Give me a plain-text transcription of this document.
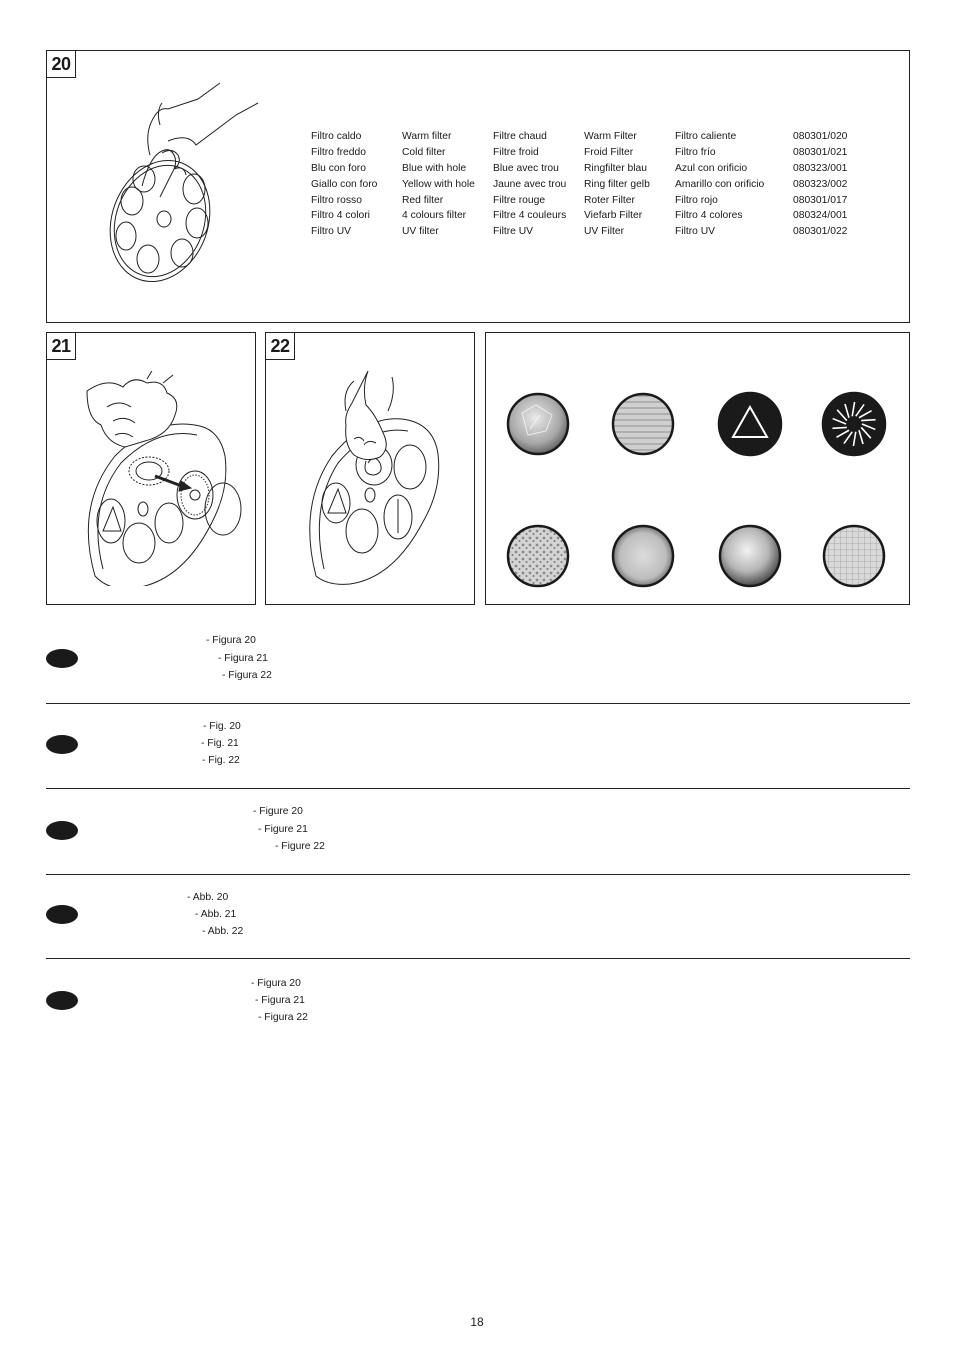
20
Filtro caldo	Warm filter	Filtre chaud	Warm Filter	Filtro caliente	080301/020
Filtro freddo	Cold filter	Filtre froid	Froid Filter	Filtro frío	080301/021
Blu con foro	Blue with hole	Blue avec trou	Ringfilter blau	Azul con orificio	080323/001
Giallo con foro	Yellow with hole	Jaune avec trou	Ring filter gelb	Amarillo con orificio	080323/002
Filtro rosso	Red filter	Filtre rouge	Roter Filter	Filtro rojo	080301/017
Filtro 4 colori	4 colours filter	Filtre 4 couleurs	Viefarb Filter	Filtro 4 colores	080324/001
Filtro UV	UV filter	Filtre UV	UV Filter	Filtro UV	080301/022
21	22
- Figura 20
- Figura 21
- Figura 22
- Fig. 20
- Fig. 21
- Fig. 22
- Figure 20
- Figure 21
- Figure 22
- Abb. 20
- Abb. 21
- Abb. 22
- Figura 20
- Figura 21
- Figura 22
18
